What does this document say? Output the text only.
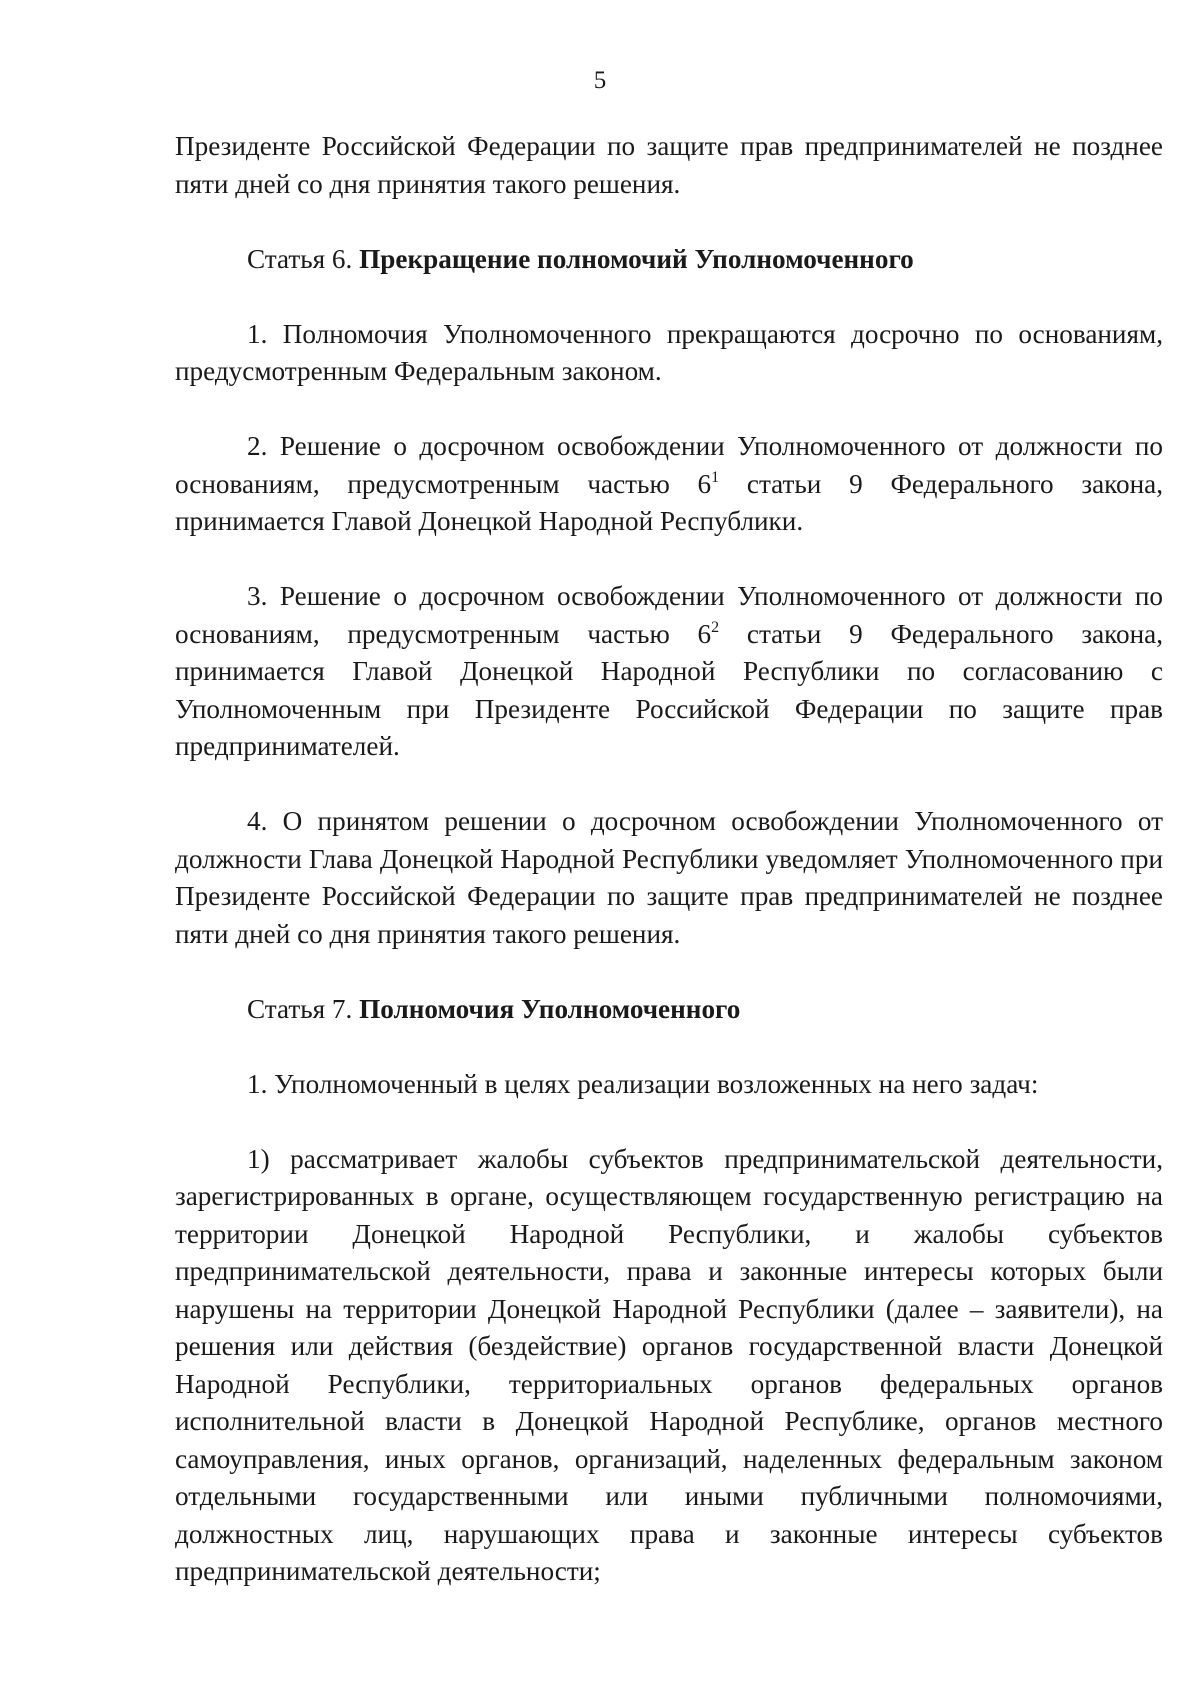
5

Президенте Российской Федерации по защите прав предпринимателей не позднее пяти дней со дня принятия такого решения.

Статья 6. Прекращение полномочий Уполномоченного

1. Полномочия Уполномоченного прекращаются досрочно по основаниям, предусмотренным Федеральным законом.

2. Решение о досрочном освобождении Уполномоченного от должности по основаниям, предусмотренным частью $6^1$ статьи 9 Федерального закона, принимается Главой Донецкой Народной Республики.

3. Решение о досрочном освобождении Уполномоченного от должности по основаниям, предусмотренным частью $6^2$ статьи 9 Федерального закона, принимается Главой Донецкой Народной Республики по согласованию с Уполномоченным при Президенте Российской Федерации по защите прав предпринимателей.

4. О принятом решении о досрочном освобождении Уполномоченного от должности Глава Донецкой Народной Республики уведомляет Уполномоченного при Президенте Российской Федерации по защите прав предпринимателей не позднее пяти дней со дня принятия такого решения.

Статья 7. Полномочия Уполномоченного

1. Уполномоченный в целях реализации возложенных на него задач:

1) рассматривает жалобы субъектов предпринимательской деятельности, зарегистрированных в органе, осуществляющем государственную регистрацию на территории Донецкой Народной Республики, и жалобы субъектов предпринимательской деятельности, права и законные интересы которых были нарушены на территории Донецкой Народной Республики (далее – заявители), на решения или действия (бездействие) органов государственной власти Донецкой Народной Республики, территориальных органов федеральных органов исполнительной власти в Донецкой Народной Республике, органов местного самоуправления, иных органов, организаций, наделенных федеральным законом отдельными государственными или иными публичными полномочиями, должностных лиц, нарушающих права и законные интересы субъектов предпринимательской деятельности;
